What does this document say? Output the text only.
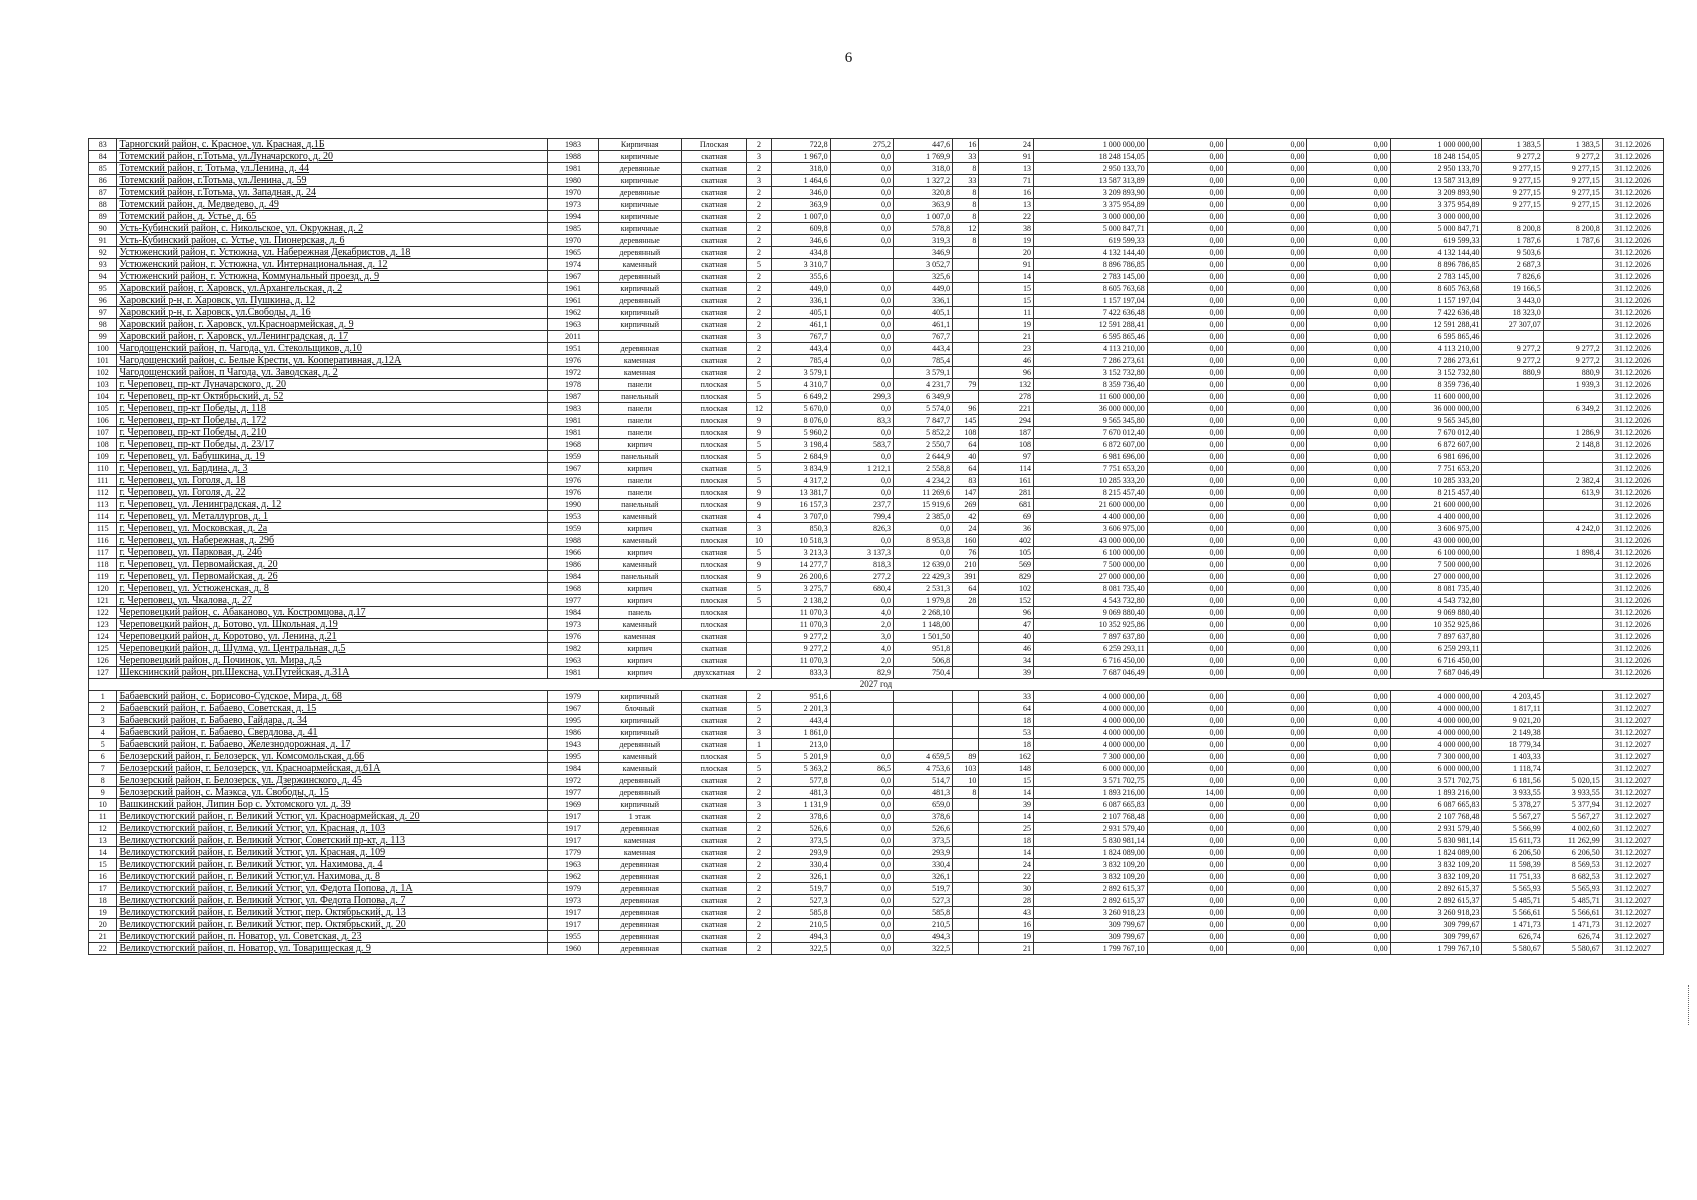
6
83	Тарногский район, с. Красное, ул. Красная, д.1Б	1983	Кирпичная	Плоская	2	722,8	275,2	447,6	16	24	1 000 000,00	0,00	0,00	0,00	1 000 000,00	1 383,5	1 383,5	31.12.2026
84	Тотемский район, г.Тотьма, ул.Луначарского, д. 20	1988	кирпичные	скатная	3	1 967,0	0,0	1 769,9	33	91	18 248 154,05	0,00	0,00	0,00	18 248 154,05	9 277,2	9 277,2	31.12.2026
85	Тотемский район, г. Тотьма, ул.Ленина, д. 44	1981	деревянные	скатная	2	318,0	0,0	318,0	8	13	2 950 133,70	0,00	0,00	0,00	2 950 133,70	9 277,15	9 277,15	31.12.2026
86	Тотемский район, г.Тотьма, ул.Ленина, д. 59	1980	кирпичные	скатная	3	1 464,6	0,0	1 327,2	33	71	13 587 313,89	0,00	0,00	0,00	13 587 313,89	9 277,15	9 277,15	31.12.2026
87	Тотемский район, г.Тотьма, ул. Западная, д. 24	1970	деревянные	скатная	2	346,0	0,0	320,8	8	16	3 209 893,90	0,00	0,00	0,00	3 209 893,90	9 277,15	9 277,15	31.12.2026
88	Тотемский район, д. Медведево, д. 49	1973	кирпичные	скатная	2	363,9	0,0	363,9	8	13	3 375 954,89	0,00	0,00	0,00	3 375 954,89	9 277,15	9 277,15	31.12.2026
89	Тотемский район, д. Устье, д. 65	1994	кирпичные	скатная	2	1 007,0	0,0	1 007,0	8	22	3 000 000,00	0,00	0,00	0,00	3 000 000,00			31.12.2026
90	Усть-Кубинский район, с. Никольское, ул. Окружная, д. 2	1985	кирпичные	скатная	2	609,8	0,0	578,8	12	38	5 000 847,71	0,00	0,00	0,00	5 000 847,71	8 200,8	8 200,8	31.12.2026
91	Усть-Кубинский район, с. Устье, ул. Пионерская, д. 6	1970	деревянные	скатная	2	346,6	0,0	319,3	8	19	619 599,33	0,00	0,00	0,00	619 599,33	1 787,6	1 787,6	31.12.2026
92	Устюженский район, г. Устюжна, ул. Набережная Декабристов, д. 18	1965	деревянный	скатная	2	434,8		346,9		20	4 132 144,40	0,00	0,00	0,00	4 132 144,40	9 503,6		31.12.2026
93	Устюженский район, г. Устюжна, ул. Интернациональная, д. 12	1974	каменный	скатная	5	3 310,7		3 052,7		91	8 896 786,85	0,00	0,00	0,00	8 896 786,85	2 687,3		31.12.2026
94	Устюженский район, г. Устюжна, Коммунальный проезд, д. 9	1967	деревянный	скатная	2	355,6		325,6		14	2 783 145,00	0,00	0,00	0,00	2 783 145,00	7 826,6		31.12.2026
95	Харовский район, г. Харовск, ул.Архангельская, д. 2	1961	кирпичный	скатная	2	449,0	0,0	449,0		15	8 605 763,68	0,00	0,00	0,00	8 605 763,68	19 166,5		31.12.2026
96	Харовский р-н, г. Харовск, ул. Пушкина, д. 12	1961	деревянный	скатная	2	336,1	0,0	336,1		15	1 157 197,04	0,00	0,00	0,00	1 157 197,04	3 443,0		31.12.2026
97	Харовский р-н, г. Харовск, ул.Свободы, д. 16	1962	кирпичный	скатная	2	405,1	0,0	405,1		11	7 422 636,48	0,00	0,00	0,00	7 422 636,48	18 323,0		31.12.2026
98	Харовский район, г. Харовск, ул.Красноармейская, д. 9	1963	кирпичный	скатная	2	461,1	0,0	461,1		19	12 591 288,41	0,00	0,00	0,00	12 591 288,41	27 307,07		31.12.2026
99	Харовский район, г. Харовск, ул.Ленинградская, д. 17	2011		скатная	3	767,7	0,0	767,7		21	6 595 865,46	0,00	0,00	0,00	6 595 865,46			31.12.2026
100	Чагодощенский район, п. Чагода, ул. Стекольщиков, д.10	1951	деревянная	скатная	2	443,4	0,0	443,4		23	4 113 210,00	0,00	0,00	0,00	4 113 210,00	9 277,2	9 277,2	31.12.2026
101	Чагодощенский район, с. Белые Крести, ул. Кооперативная, д.12А	1976	каменная	скатная	2	785,4	0,0	785,4		46	7 286 273,61	0,00	0,00	0,00	7 286 273,61	9 277,2	9 277,2	31.12.2026
102	Чагодощенский район, п Чагода, ул. Заводская, д. 2	1972	каменная	скатная	2	3 579,1		3 579,1		96	3 152 732,80	0,00	0,00	0,00	3 152 732,80	880,9	880,9	31.12.2026
103	г. Череповец, пр-кт Луначарского, д. 20	1978	панели	плоская	5	4 310,7	0,0	4 231,7	79	132	8 359 736,40	0,00	0,00	0,00	8 359 736,40		1 939,3	31.12.2026
104	г. Череповец, пр-кт Октябрьский, д. 52	1987	панельный	плоская	5	6 649,2	299,3	6 349,9		278	11 600 000,00	0,00	0,00	0,00	11 600 000,00			31.12.2026
105	г. Череповец, пр-кт Победы, д. 118	1983	панели	плоская	12	5 670,0	0,0	5 574,0	96	221	36 000 000,00	0,00	0,00	0,00	36 000 000,00		6 349,2	31.12.2026
106	г. Череповец, пр-кт Победы, д. 172	1981	панели	плоская	9	8 076,0	83,3	7 847,7	145	294	9 565 345,80	0,00	0,00	0,00	9 565 345,80			31.12.2026
107	г. Череповец, пр-кт Победы, д. 210	1981	панели	плоская	9	5 960,2	0,0	5 852,2	108	187	7 670 012,40	0,00	0,00	0,00	7 670 012,40		1 286,9	31.12.2026
108	г. Череповец, пр-кт Победы, д. 23/17	1968	кирпич	плоская	5	3 198,4	583,7	2 550,7	64	108	6 872 607,00	0,00	0,00	0,00	6 872 607,00		2 148,8	31.12.2026
109	г. Череповец, ул. Бабушкина, д. 19	1959	панельный	плоская	5	2 684,9	0,0	2 644,9	40	97	6 981 696,00	0,00	0,00	0,00	6 981 696,00			31.12.2026
110	г. Череповец, ул. Бардина, д. 3	1967	кирпич	скатная	5	3 834,9	1 212,1	2 558,8	64	114	7 751 653,20	0,00	0,00	0,00	7 751 653,20			31.12.2026
111	г. Череповец, ул. Гоголя, д. 18	1976	панели	плоская	5	4 317,2	0,0	4 234,2	83	161	10 285 333,20	0,00	0,00	0,00	10 285 333,20		2 382,4	31.12.2026
112	г. Череповец, ул. Гоголя, д. 22	1976	панели	плоская	9	13 381,7	0,0	11 269,6	147	281	8 215 457,40	0,00	0,00	0,00	8 215 457,40		613,9	31.12.2026
113	г. Череповец, ул. Ленинградская, д. 12	1990	панельный	плоская	9	16 157,3	237,7	15 919,6	269	681	21 600 000,00	0,00	0,00	0,00	21 600 000,00			31.12.2026
114	г. Череповец, ул. Металлургов, д. 1	1953	каменный	скатная	4	3 707,0	799,4	2 385,0	42	69	4 400 000,00	0,00	0,00	0,00	4 400 000,00			31.12.2026
115	г. Череповец, ул. Московская, д. 2а	1959	кирпич	скатная	3	850,3	826,3	0,0	24	36	3 606 975,00	0,00	0,00	0,00	3 606 975,00		4 242,0	31.12.2026
116	г. Череповец, ул. Набережная, д. 29б	1988	каменный	плоская	10	10 518,3	0,0	8 953,8	160	402	43 000 000,00	0,00	0,00	0,00	43 000 000,00			31.12.2026
117	г. Череповец, ул. Парковая, д. 24б	1966	кирпич	скатная	5	3 213,3	3 137,3	0,0	76	105	6 100 000,00	0,00	0,00	0,00	6 100 000,00		1 898,4	31.12.2026
118	г. Череповец, ул. Первомайская, д. 20	1986	каменный	плоская	9	14 277,7	818,3	12 639,0	210	569	7 500 000,00	0,00	0,00	0,00	7 500 000,00			31.12.2026
119	г. Череповец, ул. Первомайская, д. 26	1984	панельный	плоская	9	26 200,6	277,2	22 429,3	391	829	27 000 000,00	0,00	0,00	0,00	27 000 000,00			31.12.2026
120	г. Череповец, ул. Устюженская, д. 8	1968	кирпич	скатная	5	3 275,7	680,4	2 531,3	64	102	8 081 735,40	0,00	0,00	0,00	8 081 735,40			31.12.2026
121	г. Череповец, ул. Чкалова, д. 27	1977	кирпич	плоская	5	2 138,2	0,0	1 979,8	28	152	4 543 732,80	0,00	0,00	0,00	4 543 732,80			31.12.2026
122	Череповецкий район, с. Абаканово, ул. Костромцова, д.17	1984	панель	плоская		11 070,3	4,0	2 268,10		96	9 069 880,40	0,00	0,00	0,00	9 069 880,40			31.12.2026
123	Череповецкий район, д. Ботово, ул. Школьная, д.19	1973	каменный	плоская		11 070,3	2,0	1 148,00		47	10 352 925,86	0,00	0,00	0,00	10 352 925,86			31.12.2026
124	Череповецкий район, д. Коротово, ул. Ленина, д.21	1976	каменная	скатная		9 277,2	3,0	1 501,50		40	7 897 637,80	0,00	0,00	0,00	7 897 637,80			31.12.2026
125	Череповецкий район, д. Шулма, ул. Центральная, д.5	1982	кирпич	скатная		9 277,2	4,0	951,8		46	6 259 293,11	0,00	0,00	0,00	6 259 293,11			31.12.2026
126	Череповецкий район, д. Починок, ул. Мира, д.5	1963	кирпич	скатная		11 070,3	2,0	506,8		34	6 716 450,00	0,00	0,00	0,00	6 716 450,00			31.12.2026
127	Шекснинский район, рп.Шексна, ул.Путейская, д.31А	1981	кирпич	двухскатная	2	833,3	82,9	750,4		39	7 687 046,49	0,00	0,00	0,00	7 687 046,49			31.12.2026
2027 год																		
1	Бабаевский район, с. Борисово-Судское, Мира, д. 68	1979	кирпичный	скатная	2	951,6				33	4 000 000,00	0,00	0,00	0,00	4 000 000,00	4 203,45		31.12.2027
2	Бабаевский район, г. Бабаево, Советская, д. 15	1967	блочный	скатная	5	2 201,3				64	4 000 000,00	0,00	0,00	0,00	4 000 000,00	1 817,11		31.12.2027
3	Бабаевский район, г. Бабаево, Гайдара, д. 34	1995	кирпичный	скатная	2	443,4				18	4 000 000,00	0,00	0,00	0,00	4 000 000,00	9 021,20		31.12.2027
4	Бабаевский район, г. Бабаево, Свердлова, д. 41	1986	кирпичный	скатная	3	1 861,0				53	4 000 000,00	0,00	0,00	0,00	4 000 000,00	2 149,38		31.12.2027
5	Бабаевский район, г. Бабаево, Железнодорожная, д. 17	1943	деревянный	скатная	1	213,0				18	4 000 000,00	0,00	0,00	0,00	4 000 000,00	18 779,34		31.12.2027
6	Белозерский район, г. Белозерск, ул. Комсомольская, д.66	1995	каменный	плоская	5	5 201,9	0,0	4 659,5	89	162	7 300 000,00	0,00	0,00	0,00	7 300 000,00	1 403,33		31.12.2027
7	Белозерский район, г. Белозерск, ул. Красноармейская, д.61А	1984	каменный	плоская	5	5 363,2	86,5	4 753,6	103	148	6 000 000,00	0,00	0,00	0,00	6 000 000,00	1 118,74		31.12.2027
8	Белозерский район, г. Белозерск, ул. Дзержинского, д. 45	1972	деревянный	скатная	2	577,8	0,0	514,7	10	15	3 571 702,75	0,00	0,00	0,00	3 571 702,75	6 181,56	5 020,15	31.12.2027
9	Белозерский район, с. Маэкса, ул. Свободы, д. 15	1977	деревянный	скатная	2	481,3	0,0	481,3	8	14	1 893 216,00	14,00	0,00	0,00	1 893 216,00	3 933,55	3 933,55	31.12.2027
10	Вашкинский район, Липин Бор с. Ухтомского ул. д. 39	1969	кирпичный	скатная	3	1 131,9	0,0	659,0		39	6 087 665,83	0,00	0,00	0,00	6 087 665,83	5 378,27	5 377,94	31.12.2027
11	Великоустюгский район, г. Великий Устюг, ул. Красноармейская, д. 20	1917	1 этаж	скатная	2	378,6	0,0	378,6		14	2 107 768,48	0,00	0,00	0,00	2 107 768,48	5 567,27	5 567,27	31.12.2027
12	Великоустюгский район, г. Великий Устюг, ул. Красная, д. 103	1917	деревянная	скатная	2	526,6	0,0	526,6		25	2 931 579,40	0,00	0,00	0,00	2 931 579,40	5 566,99	4 002,60	31.12.2027
13	Великоустюгский район, г. Великий Устюг, Советский пр-кт, д. 113	1917	каменная	скатная	2	373,5	0,0	373,5		18	5 830 981,14	0,00	0,00	0,00	5 830 981,14	15 611,73	11 262,99	31.12.2027
14	Великоустюгский район, г. Великий Устюг, ул. Красная, д. 109	1779	каменная	скатная	2	293,9	0,0	293,9		14	1 824 089,00	0,00	0,00	0,00	1 824 089,00	6 206,50	6 206,50	31.12.2027
15	Великоустюгский район, г. Великий Устюг, ул. Нахимова, д. 4	1963	деревянная	скатная	2	330,4	0,0	330,4		24	3 832 109,20	0,00	0,00	0,00	3 832 109,20	11 598,39	8 569,53	31.12.2027
16	Великоустюгский район, г. Великий Устюг,ул. Нахимова, д. 8	1962	деревянная	скатная	2	326,1	0,0	326,1		22	3 832 109,20	0,00	0,00	0,00	3 832 109,20	11 751,33	8 682,53	31.12.2027
17	Великоустюгский район, г. Великий Устюг, ул. Федота Попова, д. 1А	1979	деревянная	скатная	2	519,7	0,0	519,7		30	2 892 615,37	0,00	0,00	0,00	2 892 615,37	5 565,93	5 565,93	31.12.2027
18	Великоустюгский район, г. Великий Устюг, ул. Федота Попова, д. 7	1973	деревянная	скатная	2	527,3	0,0	527,3		28	2 892 615,37	0,00	0,00	0,00	2 892 615,37	5 485,71	5 485,71	31.12.2027
19	Великоустюгский район, г. Великий Устюг, пер. Октябрьский, д. 13	1917	деревянная	скатная	2	585,8	0,0	585,8		43	3 260 918,23	0,00	0,00	0,00	3 260 918,23	5 566,61	5 566,61	31.12.2027
20	Великоустюгский район, г. Великий Устюг, пер. Октябрьский, д. 20	1917	деревянная	скатная	2	210,5	0,0	210,5		16	309 799,67	0,00	0,00	0,00	309 799,67	1 471,73	1 471,73	31.12.2027
21	Великоустюгский район, п. Новатор, ул. Советская, д. 23	1955	деревянная	скатная	2	494,3	0,0	494,3		19	309 799,67	0,00	0,00	0,00	309 799,67	626,74	626,74	31.12.2027
22	Великоустюгский район, п. Новатор, ул. Товарищеская д. 9	1960	деревянная	скатная	2	322,5	0,0	322,5		21	1 799 767,10	0,00	0,00	0,00	1 799 767,10	5 580,67	5 580,67	31.12.2027
